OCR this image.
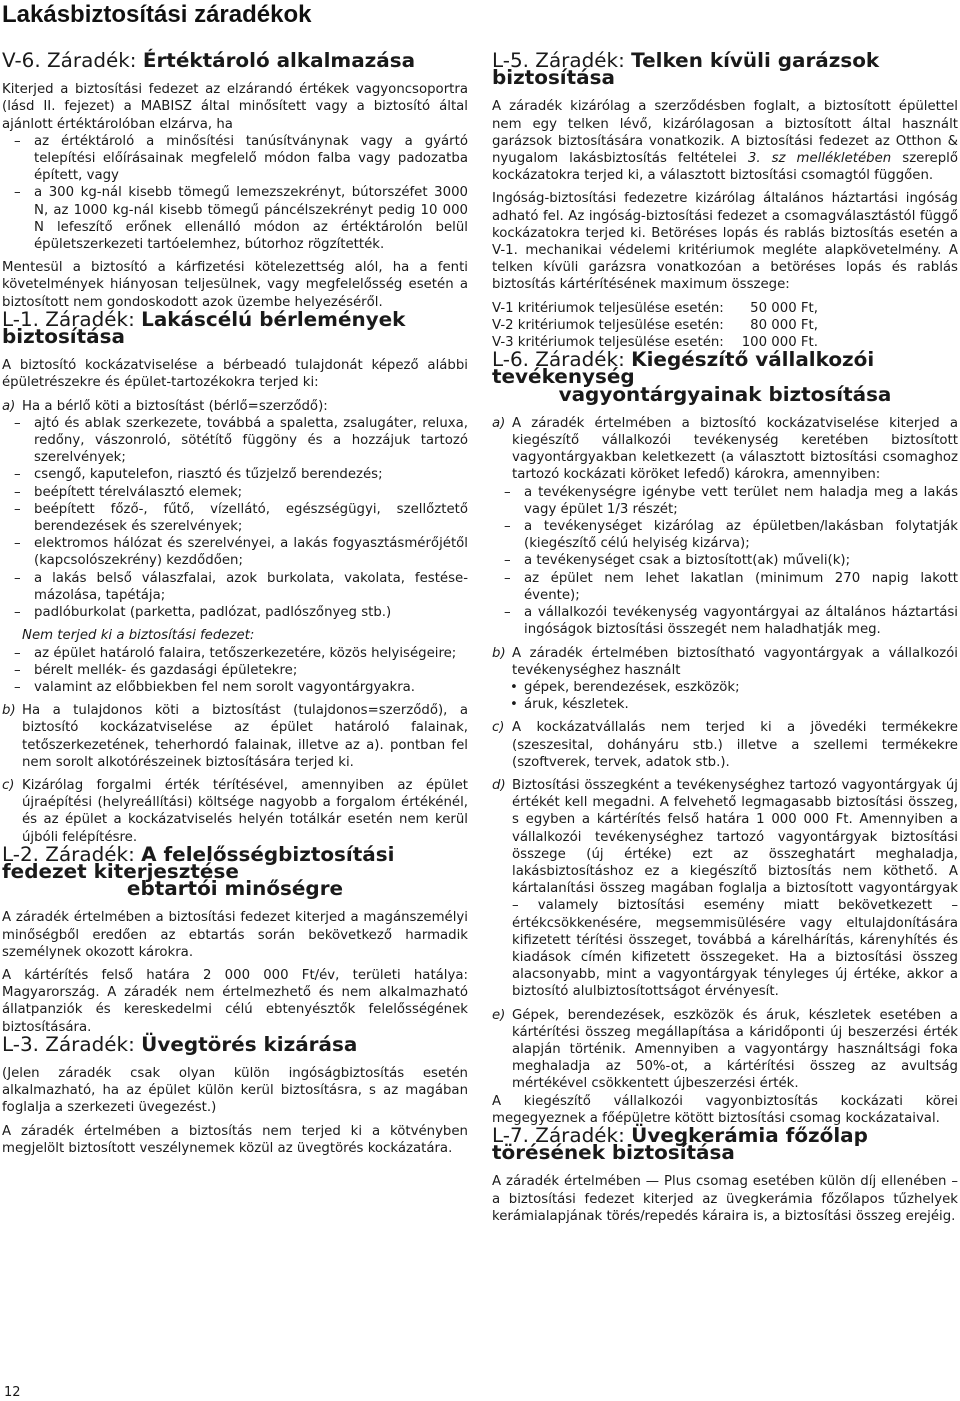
Lakásbiztosítási záradékok
V-6. Záradék: Értéktároló alkalmazása

Kiterjed a biztosítási fedezet az elzárandó értékek vagyoncsoportra (lásd II. fejezet) a MABISZ által minősített vagy a biztosító által ajánlott értéktárolóban elzárva, ha

– az értéktároló a minősítési tanúsítványnak vagy a gyártó telepítési előírásainak megfelelő módon falba vagy padozatba épített, vagy

– a 300 kg-nál kisebb tömegű lemezszekrényt, bútorszéfet 3000 N, az 1000 kg-nál kisebb tömegű páncélszekrényt pedig 10 000 N lefeszítő erőnek ellenálló módon az értéktárolón belül épületszerkezeti tartóelemhez, bútorhoz rögzítették.

Mentesül a biztosító a kárfizetési kötelezettség alól, ha a fenti követelmények hiányosan teljesülnek, vagy megfelelősség esetén a biztosított nem gondoskodott azok üzembe helyezéséről.

L-1. Záradék: Lakáscélú bérlemények biztosítása

A biztosító kockázatviselése a bérbeadó tulajdonát képező alábbi épületrészekre és épület-tartozékokra terjed ki:

a) Ha a bérlő köti a biztosítást (bérlő=szerződő):

– ajtó és ablak szerkezete, továbbá a spaletta, zsalugáter, reluxa, redőny, vászonroló, sötétítő függöny és a hozzájuk tartozó szerelvények;

– csengő, kaputelefon, riasztó és tűzjelző berendezés;

– beépített térelválasztó elemek;

– beépített főző-, fűtő, vízellátó, egészségügyi, szellőztető berendezések és szerelvények;

– elektromos hálózat és szerelvényei, a lakás fogyasztásmérőjétől (kapcsolószekrény) kezdődően;

– a lakás belső válaszfalai, azok burkolata, vakolata, festése-mázolása, tapétája;

– padlóburkolat (parketta, padlózat, padlószőnyeg stb.)

Nem terjed ki a biztosítási fedezet:

– az épület határoló falaira, tetőszerkezetére, közös helyiségeire;

– bérelt mellék- és gazdasági épületekre;

– valamint az előbbiekben fel nem sorolt vagyontárgyakra.

b) Ha a tulajdonos köti a biztosítást (tulajdonos=szerződő), a biztosító kockázatviselése az épület határoló falainak, tetőszerkezetének, teherhordó falainak, illetve az a). pontban fel nem sorolt alkotórészeinek biztosítására terjed ki.

c) Kizárólag forgalmi érték térítésével, amennyiben az épület újraépítési (helyreállítási) költsége nagyobb a forgalom értékénél, és az épület a kockázatviselés helyén totálkár esetén nem kerül újbóli felépítésre.

L-2. Záradék: A felelősségbiztosítási fedezet kiterjesztése
ebtartói minőségre

A záradék értelmében a biztosítási fedezet kiterjed a magánszemélyi minőségből eredően az ebtartás során bekövetkező harmadik személynek okozott károkra.

A kártérítés felső határa 2 000 000 Ft/év, területi hatálya: Magyarország. A záradék nem értelmezhető és nem alkalmazható állatpanziók és kereskedelmi célú ebtenyésztők felelősségének biztosítására.

L-3. Záradék: Üvegtörés kizárása

(Jelen záradék csak olyan külön ingóságbiztosítás esetén alkalmazható, ha az épület külön kerül biztosításra, s az magában foglalja a szerkezeti üvegezést.)

A záradék értelmében a biztosítás nem terjed ki a kötvényben megjelölt biztosított veszélynemek közül az üvegtörés kockázatára.

L-5. Záradék: Telken kívüli garázsok biztosítása

A záradék kizárólag a szerződésben foglalt, a biztosított épülettel nem egy telken lévő, kizárólagosan a biztosított által használt garázsok biztosítására vonatkozik. A biztosítási fedezet az Otthon & nyugalom lakásbiztosítás feltételei 3. sz mellékletében szereplő kockázatokra terjed ki, a választott biztosítási csomagtól függően.

Ingóság-biztosítási fedezetre kizárólag általános háztartási ingóság adható fel. Az ingóság-biztosítási fedezet a csomagválasztástól függő kockázatokra terjed ki. Betöréses lopás és rablás biztosítás esetén a V-1. mechanikai védelemi kritériumok megléte alapkövetelmény. A telken kívüli garázsra vonatkozóan a betöréses lopás és rablás biztosítás kártérítésének maximum összege:

V-1 kritériumok teljesülése esetén:	50 000 Ft,
V-2 kritériumok teljesülése esetén:	80 000 Ft,
V-3 kritériumok teljesülése esetén:	100 000 Ft.
L-6. Záradék: Kiegészítő vállalkozói tevékenység
vagyontárgyainak biztosítása

a) A záradék értelmében a biztosító kockázatviselése kiterjed a kiegészítő vállalkozói tevékenység keretében biztosított vagyontárgyakban keletkezett (a választott biztosítási csomaghoz tartozó kockázati köröket lefedő) károkra, amennyiben:

– a tevékenységre igénybe vett terület nem haladja meg a lakás vagy épület 1/3 részét;

– a tevékenységet kizárólag az épületben/lakásban folytatják (kiegészítő célú helyiség kizárva);

– a tevékenységet csak a biztosított(ak) műveli(k);

– az épület nem lehet lakatlan (minimum 270 napig lakott évente);

– a vállalkozói tevékenység vagyontárgyai az általános háztartási ingóságok biztosítási összegét nem haladhatják meg.

b) A záradék értelmében biztosítható vagyontárgyak a vállalkozói tevékenységhez használt

• gépek, berendezések, eszközök;

• áruk, készletek.

c) A kockázatvállalás nem terjed ki a jövedéki termékekre (szeszesital, dohányáru stb.) illetve a szellemi termékekre (szoftverek, tervek, adatok stb.).

d) Biztosítási összegként a tevékenységhez tartozó vagyontárgyak új értékét kell megadni. A felvehető legmagasabb biztosítási összeg, s egyben a kártérítés felső határa 1 000 000 Ft. Amennyiben a vállalkozói tevékenységhez tartozó vagyontárgyak biztosítási összege (új értéke) ezt az összeghatárt meghaladja, lakásbiztosításhoz ez a kiegészítő biztosítás nem köthető. A kártalanítási összeg magában foglalja a biztosított vagyontárgyak – valamely biztosítási esemény miatt bekövetkezett – értékcsökkenésére, megsemmisülésére vagy eltulajdonítására kifizetett térítési összeget, továbbá a kárelhárítás, kárenyhítés és kiadások címén kifizetett összegeket. Ha a biztosítási összeg alacsonyabb, mint a vagyontárgyak tényleges új értéke, akkor a biztosító alulbiztosítottságot érvényesít.

e) Gépek, berendezések, eszközök és áruk, készletek esetében a kártérítési összeg megállapítása a káridőponti új beszerzési érték alapján történik. Amennyiben a vagyontárgy használtsági foka meghaladja az 50%-ot, a kártérítési összeg az avultság mértékével csökkentett újbeszerzési érték.

A kiegészítő vállalkozói vagyonbiztosítás kockázati körei megegyeznek a főépületre kötött biztosítási csomag kockázataival.

L-7. Záradék: Üvegkerámia főzőlap törésének biztosítása

A záradék értelmében — Plus csomag esetében külön díj ellenében – a biztosítási fedezet kiterjed az üvegkerámia főzőlapos tűzhelyek kerámialapjának törés/repedés káraira is, a biztosítási összeg erejéig.

12
